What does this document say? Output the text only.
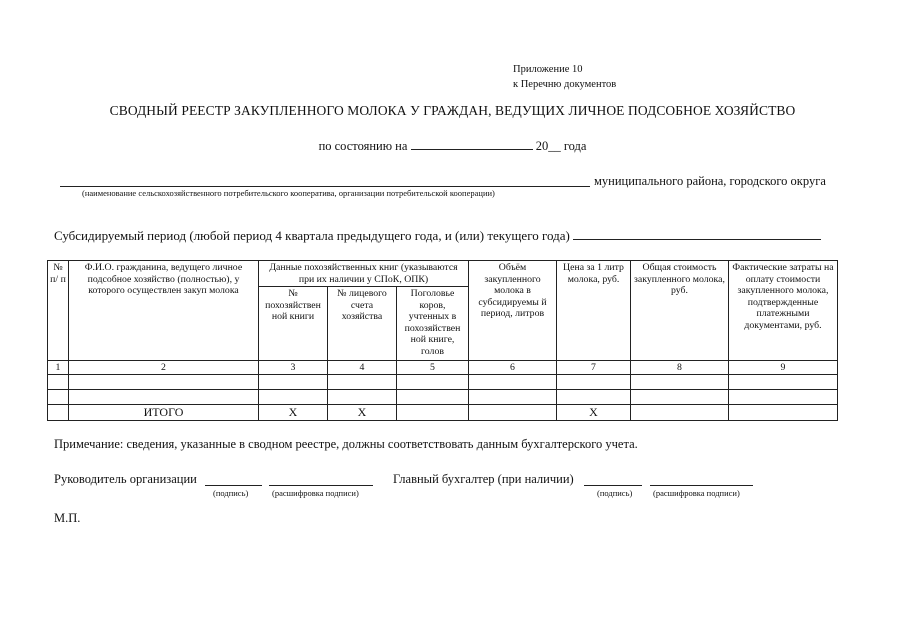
Приложение 10
к Перечню документов
СВОДНЫЙ РЕЕСТР ЗАКУПЛЕННОГО МОЛОКА У ГРАЖДАН, ВЕДУЩИХ ЛИЧНОЕ ПОДСОБНОЕ ХОЗЯЙСТВО
по состоянию на	20__ года
муниципального района, городского округа
(наименование сельскохозяйственного потребительского кооператива, организации потребительской кооперации)
Субсидируемый период (любой период 4 квартала предыдущего года, и (или) текущего года)
№ п/ п	Ф.И.О. гражданина, ведущего личное подсобное хозяйство (полностью), у которого осуществлен закуп молока	Данные похозяйственных книг (указываются при их наличии у СПоК, ОПК)			Объём закупленного молока в субсидируемы й период, литров	Цена за 1 литр молока, руб.	Общая стоимость закупленного молока, руб.	Фактические затраты на оплату стоимости закупленного молока, подтвержденные платежными документами, руб.
		№ похозяйствен ной книги	№ лицевого счета хозяйства	Поголовье коров, учтенных в похозяйствен ной книге, голов				
1	2	3	4	5	6	7	8	9

	ИТОГО	Х	Х			Х		
Примечание: сведения, указанные в сводном реестре, должны соответствовать данным бухгалтерского учета.
Руководитель организации
(подпись)	(расшифровка подписи)
Главный бухгалтер (при наличии)
(подпись) (расшифровка подписи)
М.П.
